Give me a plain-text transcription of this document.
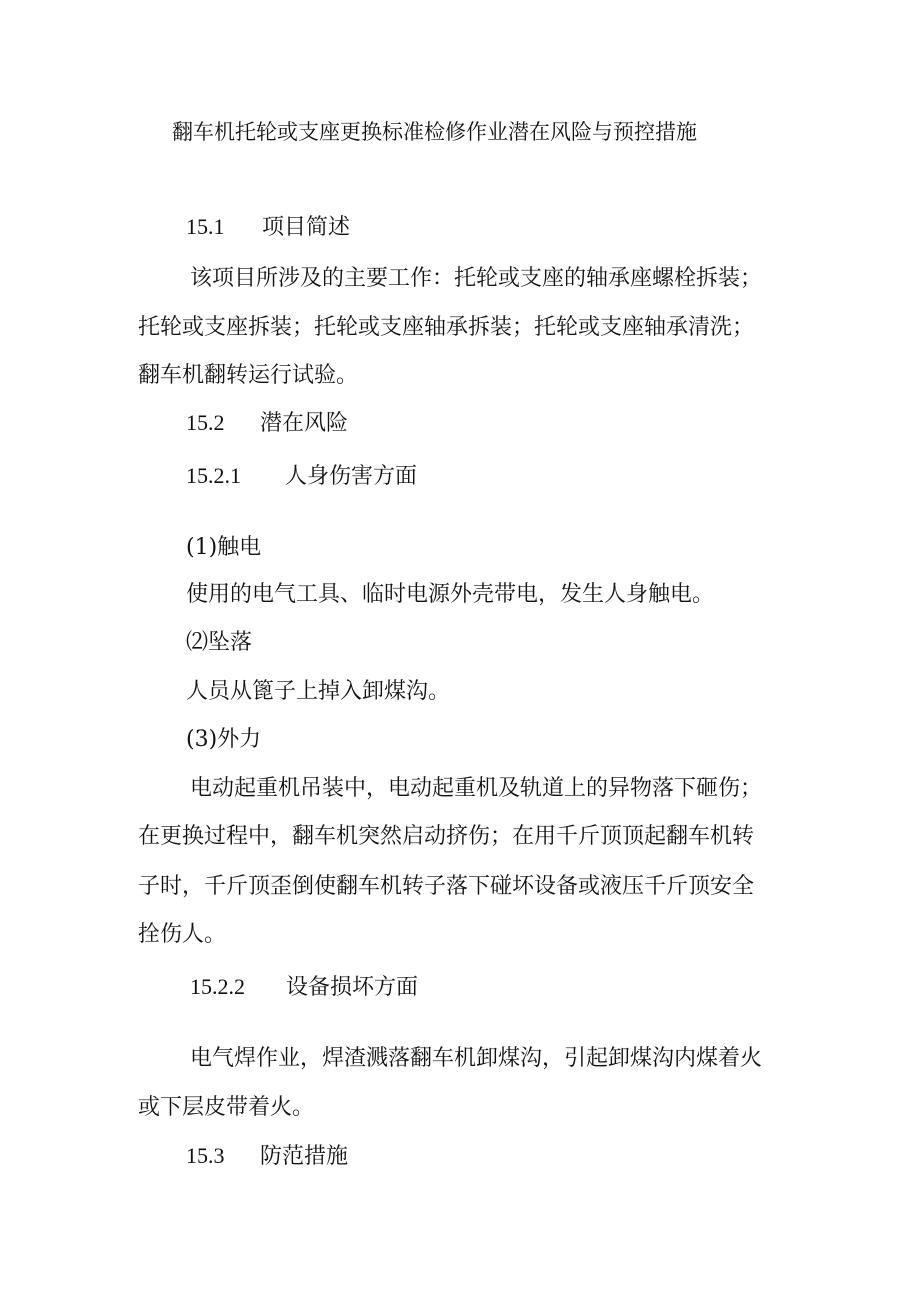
翻车机托轮或支座更换标准检修作业潜在风险与预控措施
15.1 项目简述
该项目所涉及的主要工作：托轮或支座的轴承座螺栓拆装；
托轮或支座拆装；托轮或支座轴承拆装；托轮或支座轴承清洗；
翻车机翻转运行试验。
15.2 潜在风险
15.2.1 人身伤害方面
(1)触电
使用的电气工具、临时电源外壳带电，发生人身触电。
⑵坠落
人员从篦子上掉入卸煤沟。
(3)外力
电动起重机吊装中，电动起重机及轨道上的异物落下砸伤；
在更换过程中，翻车机突然启动挤伤；在用千斤顶顶起翻车机转
子时，千斤顶歪倒使翻车机转子落下碰坏设备或液压千斤顶安全
拴伤人。
15.2.2 设备损坏方面
电气焊作业，焊渣溅落翻车机卸煤沟，引起卸煤沟内煤着火
或下层皮带着火。
15.3 防范措施
